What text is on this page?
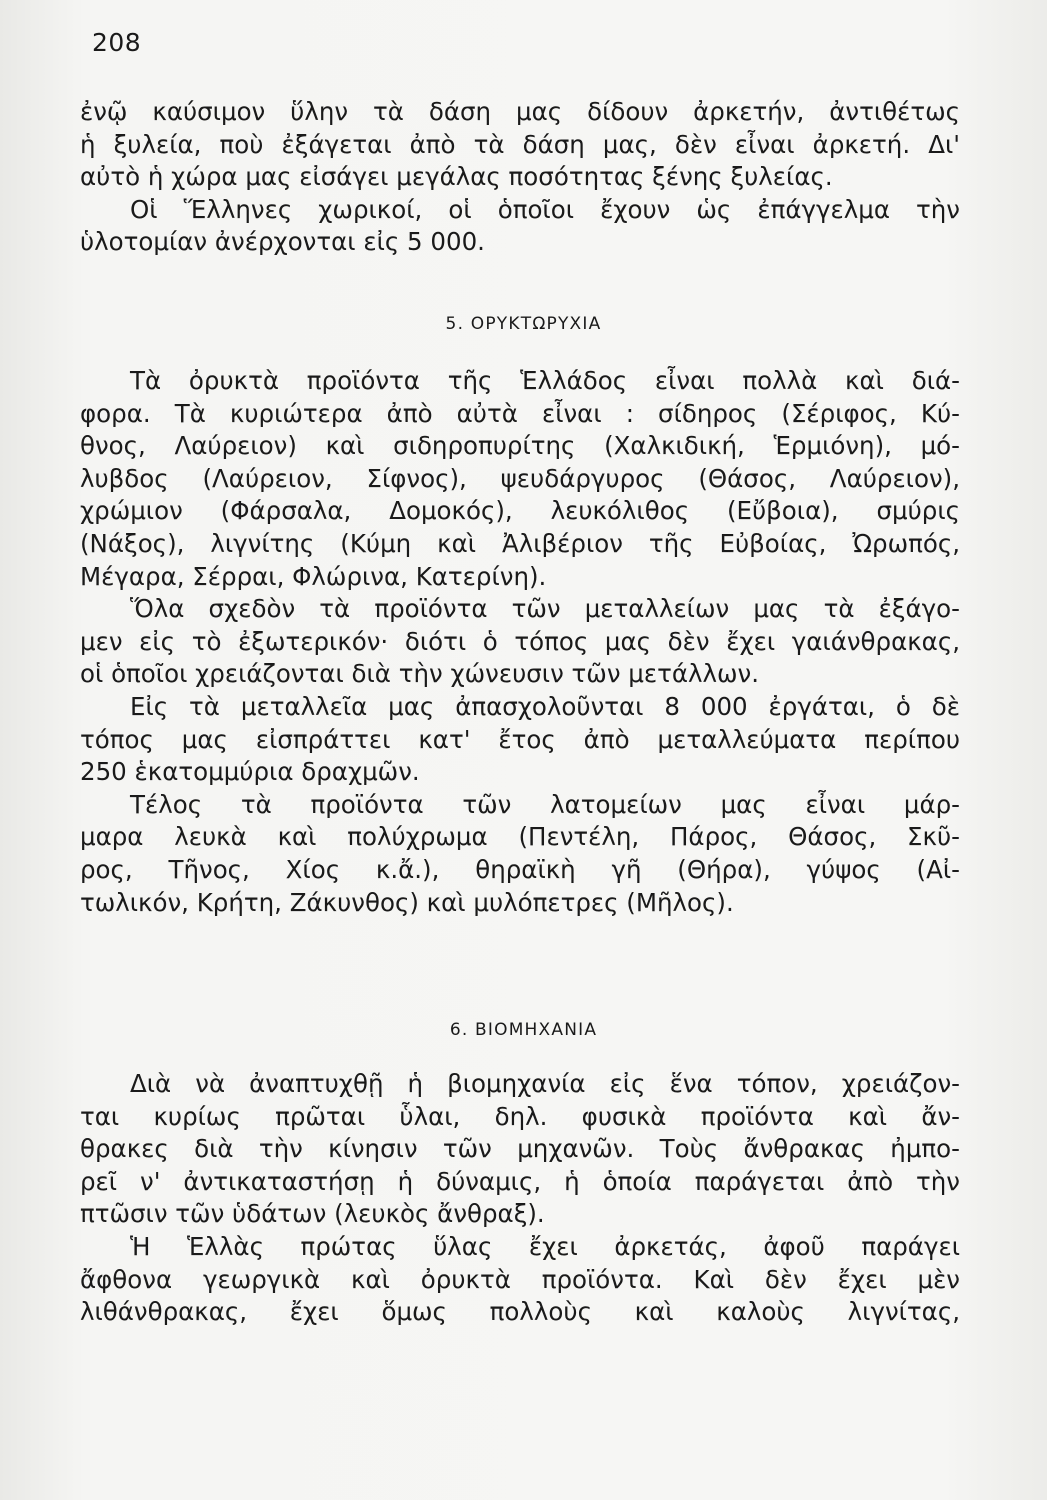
208
ἐνῷ καύσιμον ὕλην τὰ δάση μας δίδουν ἀρκετήν, ἀντιθέτως
ἡ ξυλεία, ποὺ ἐξάγεται ἀπὸ τὰ δάση μας, δὲν εἶναι ἀρκετή. Δι'
αὐτὸ ἡ χώρα μας εἰσάγει μεγάλας ποσότητας ξένης ξυλείας.
Οἱ Ἕλληνες χωρικοί, οἱ ὁποῖοι ἔχουν ὡς ἐπάγγελμα τὴν
ὑλοτομίαν ἀνέρχονται εἰς 5 000.
5. ΟΡΥΚΤΩΡΥΧΙΑ
Τὰ ὀρυκτὰ προϊόντα τῆς Ἑλλάδος εἶναι πολλὰ καὶ διά-
φορα. Τὰ κυριώτερα ἀπὸ αὐτὰ εἶναι : σίδηρος (Σέριφος, Κύ-
θνος, Λαύρειον) καὶ σιδηροπυρίτης (Χαλκιδική, Ἑρμιόνη), μό-
λυβδος (Λαύρειον, Σίφνος), ψευδάργυρος (Θάσος, Λαύρειον),
χρώμιον (Φάρσαλα, Δομοκός), λευκόλιθος (Εὔβοια), σμύρις
(Νάξος), λιγνίτης (Κύμη καὶ Ἀλιβέριον τῆς Εὐβοίας, Ὠρωπός,
Μέγαρα, Σέρραι, Φλώρινα, Κατερίνη).
Ὅλα σχεδὸν τὰ προϊόντα τῶν μεταλλείων μας τὰ ἐξάγο-
μεν εἰς τὸ ἐξωτερικόν· διότι ὁ τόπος μας δὲν ἔχει γαιάνθρακας,
οἱ ὁποῖοι χρειάζονται διὰ τὴν χώνευσιν τῶν μετάλλων.
Εἰς τὰ μεταλλεῖα μας ἀπασχολοῦνται 8 000 ἐργάται, ὁ δὲ
τόπος μας εἰσπράττει κατ' ἔτος ἀπὸ μεταλλεύματα περίπου
250 ἑκατομμύρια δραχμῶν.
Τέλος τὰ προϊόντα τῶν λατομείων μας εἶναι μάρ-
μαρα λευκὰ καὶ πολύχρωμα (Πεντέλη, Πάρος, Θάσος, Σκῦ-
ρος, Τῆνος, Χίος κ.ἄ.), θηραϊκὴ γῆ (Θήρα), γύψος (Αἰ-
τωλικόν, Κρήτη, Ζάκυνθος) καὶ μυλόπετρες (Μῆλος).
6. ΒΙΟΜΗΧΑΝΙΑ
Διὰ νὰ ἀναπτυχθῇ ἡ βιομηχανία εἰς ἕνα τόπον, χρειάζον-
ται κυρίως πρῶται ὗλαι, δηλ. φυσικὰ προϊόντα καὶ ἄν-
θρακες διὰ τὴν κίνησιν τῶν μηχανῶν. Τοὺς ἄνθρακας ἠμπο-
ρεῖ ν' ἀντικαταστήσῃ ἡ δύναμις, ἡ ὁποία παράγεται ἀπὸ τὴν
πτῶσιν τῶν ὑδάτων (λευκὸς ἄνθραξ).
Ἡ Ἑλλὰς πρώτας ὕλας ἔχει ἀρκετάς, ἀφοῦ παράγει
ἄφθονα γεωργικὰ καὶ ὀρυκτὰ προϊόντα. Καὶ δὲν ἔχει μὲν
λιθάνθρακας, ἔχει ὅμως πολλοὺς καὶ καλοὺς λιγνίτας,
